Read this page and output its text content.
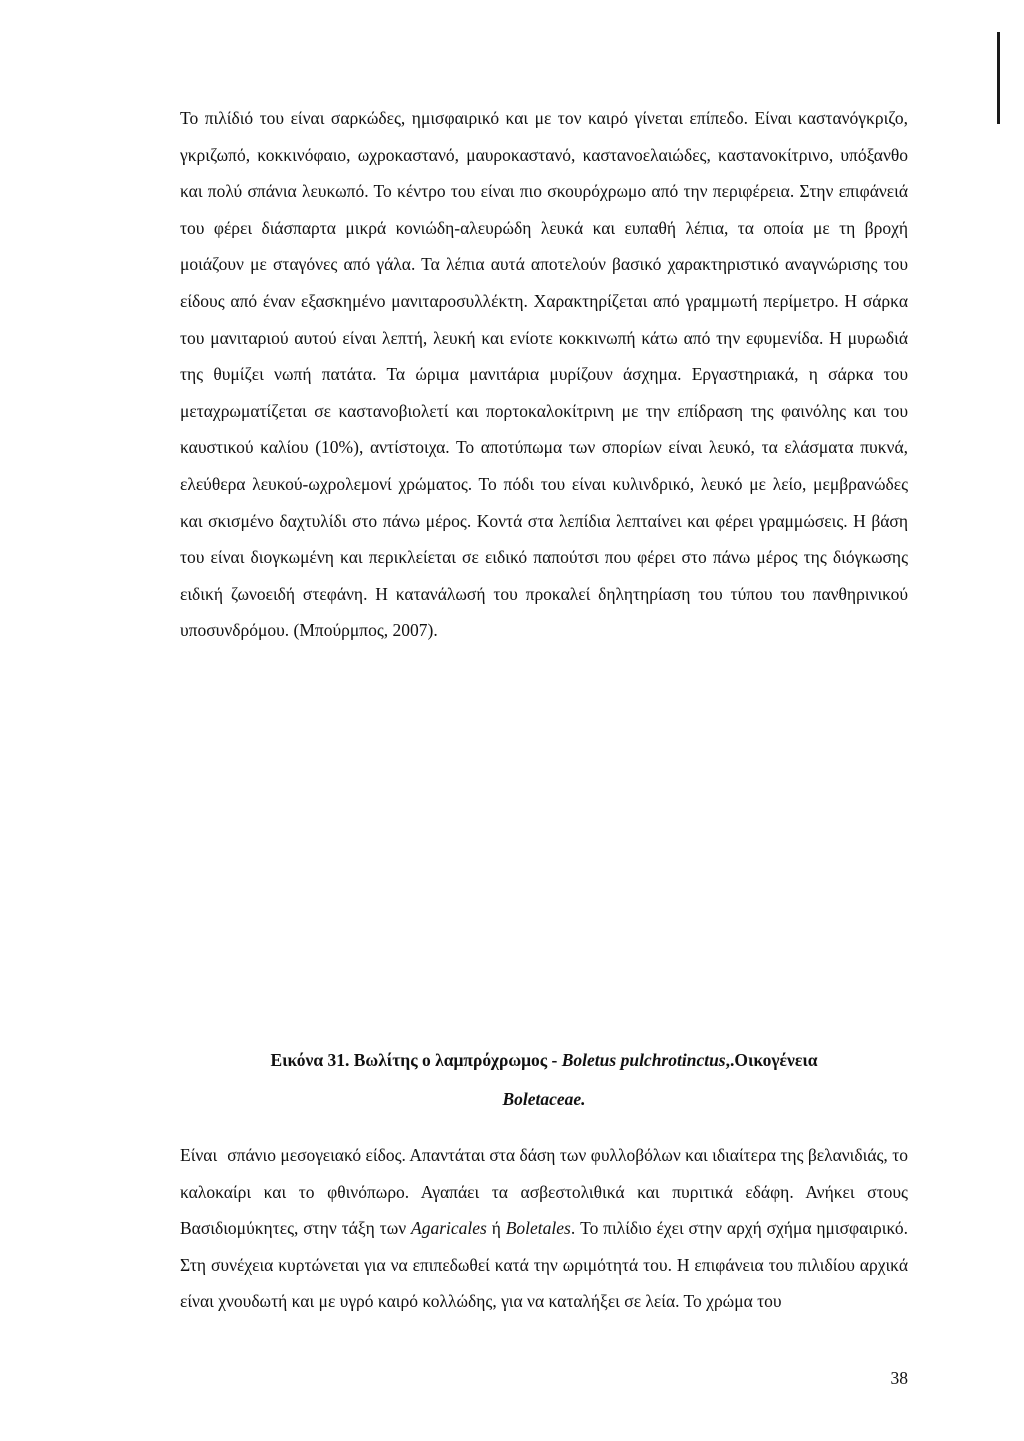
Το πιλίδιό του είναι σαρκώδες, ημισφαιρικό και με τον καιρό γίνεται επίπεδο. Είναι καστανόγκριζο, γκριζωπό, κοκκινόφαιο, ωχροκαστανό, μαυροκαστανό, καστανοελαιώδες, καστανοκίτρινο, υπόξανθο και πολύ σπάνια λευκωπό. Το κέντρο του είναι πιο σκουρόχρωμο από την περιφέρεια. Στην επιφάνειά του φέρει διάσπαρτα μικρά κονιώδη-αλευρώδη λευκά και ευπαθή λέπια, τα οποία με τη βροχή μοιάζουν με σταγόνες από γάλα. Τα λέπια αυτά αποτελούν βασικό χαρακτηριστικό αναγνώρισης του είδους από έναν εξασκημένο μανιταροσυλλέκτη. Χαρακτηρίζεται από γραμμωτή περίμετρο. Η σάρκα του μανιταριού αυτού είναι λεπτή, λευκή και ενίοτε κοκκινωπή κάτω από την εφυμενίδα. Η μυρωδιά της θυμίζει νωπή πατάτα. Τα ώριμα μανιτάρια μυρίζουν άσχημα. Εργαστηριακά, η σάρκα του μεταχρωματίζεται σε καστανοβιολετί και πορτοκαλοκίτρινη με την επίδραση της φαινόλης και του καυστικού καλίου (10%), αντίστοιχα. Το αποτύπωμα των σπορίων είναι λευκό, τα ελάσματα πυκνά, ελεύθερα λευκού-ωχρολεμονί χρώματος. Το πόδι του είναι κυλινδρικό, λευκό με λείο, μεμβρανώδες και σκισμένο δαχτυλίδι στο πάνω μέρος. Κοντά στα λεπίδια λεπταίνει και φέρει γραμμώσεις. Η βάση του είναι διογκωμένη και περικλείεται σε ειδικό παπούτσι που φέρει στο πάνω μέρος της διόγκωσης ειδική ζωνοειδή στεφάνη. Η κατανάλωσή του προκαλεί δηλητηρίαση του τύπου του πανθηρινικού υποσυνδρόμου. (Μπούρμπος, 2007).

Εικόνα 31. Βωλίτης ο λαμπρόχρωμος - Boletus pulchrotinctus,.Οικογένεια
Boletaceae.

Είναι σπάνιο μεσογειακό είδος. Απαντάται στα δάση των φυλλοβόλων και ιδιαίτερα της βελανιδιάς, το καλοκαίρι και το φθινόπωρο. Αγαπάει τα ασβεστολιθικά και πυριτικά εδάφη. Ανήκει στους Βασιδιομύκητες, στην τάξη των Agaricales ή Boletales. Το πιλίδιο έχει στην αρχή σχήμα ημισφαιρικό. Στη συνέχεια κυρτώνεται για να επιπεδωθεί κατά την ωριμότητά του. Η επιφάνεια του πιλιδίου αρχικά είναι χνουδωτή και με υγρό καιρό κολλώδης, για να καταλήξει σε λεία. Το χρώμα του

38
